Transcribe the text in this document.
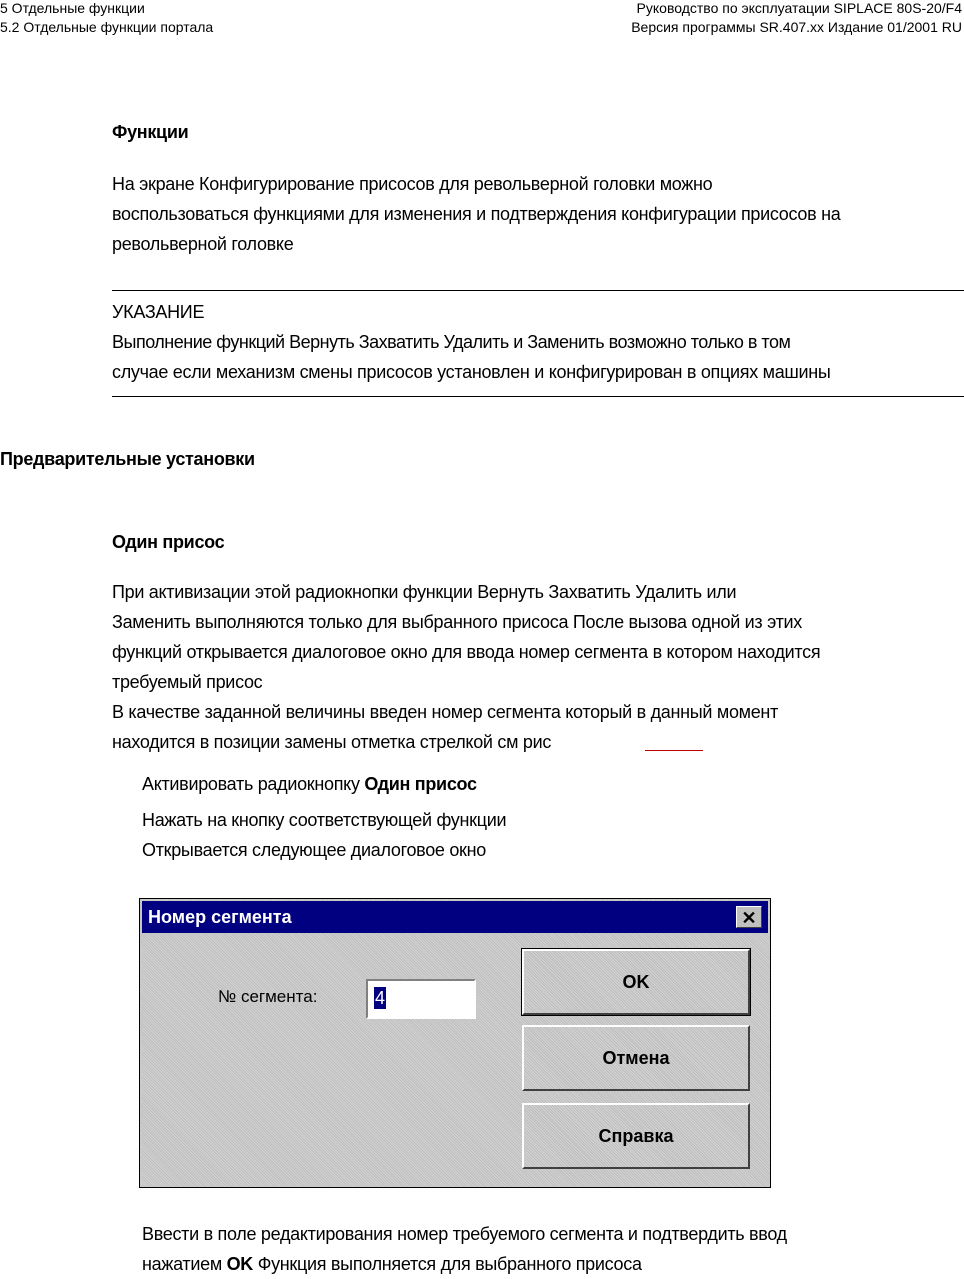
5 Отдельные функции
5.2 Отдельные функции портала
Руководство по эксплуатации SIPLACE 80S-20/F4
Версия программы SR.407.xx Издание 01/2001 RU
Функции
На экране Конфигурирование присосов для револьверной головки можно
воспользоваться функциями для изменения и подтверждения конфигурации присосов на
револьверной головке
УКАЗАНИЕ
Выполнение функций Вернуть Захватить Удалить и Заменить возможно только в том
случае если механизм смены присосов установлен и конфигурирован в опциях машины
Предварительные установки
Один присос
При активизации этой радиокнопки функции Вернуть Захватить Удалить или
Заменить выполняются только для выбранного присоса После вызова одной из этих
функций открывается диалоговое окно для ввода номер сегмента в котором находится
требуемый присос
В качестве заданной величины введен номер сегмента который в данный момент
находится в позиции замены отметка стрелкой см рис
Активировать радиокнопку Один присос
Нажать на кнопку соответствующей функции
Открывается следующее диалоговое окно
Номер сегмента	✕
№ сегмента:	4
OK
Отмена
Справка
Ввести в поле редактирования номер требуемого сегмента и подтвердить ввод
нажатием OK Функция выполняется для выбранного присоса
